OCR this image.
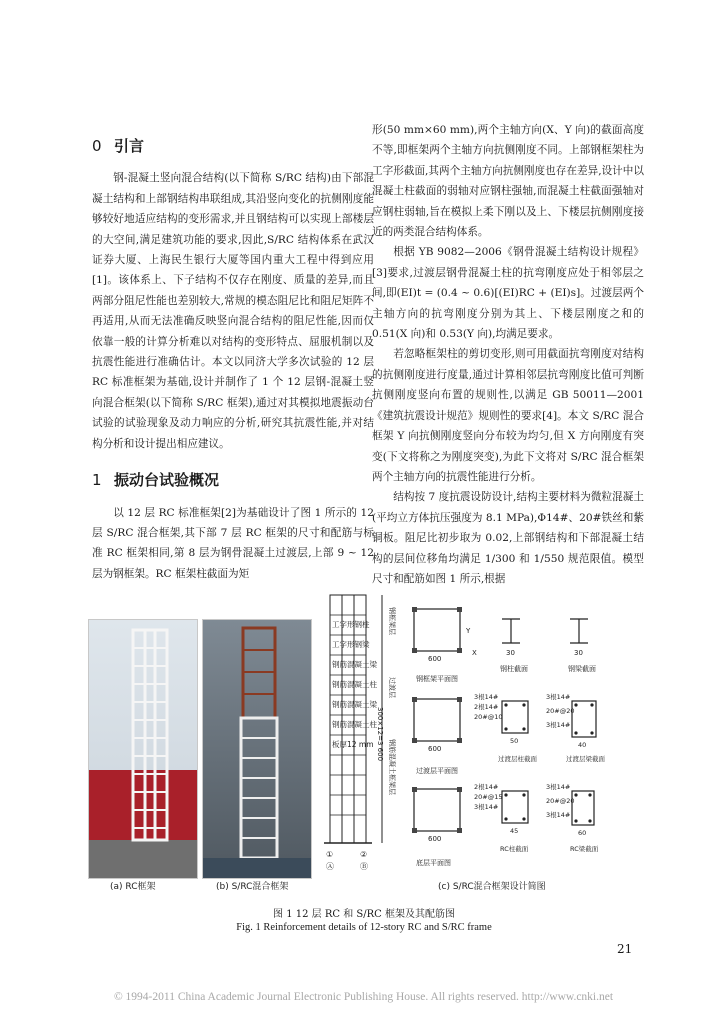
0 引言

钢-混凝土竖向混合结构(以下简称 S/RC 结构)由下部混凝土结构和上部钢结构串联组成,其沿竖向变化的抗侧刚度能够较好地适应结构的变形需求,并且钢结构可以实现上部楼层的大空间,满足建筑功能的要求,因此,S/RC 结构体系在武汉证券大厦、上海民生银行大厦等国内重大工程中得到应用[1]。该体系上、下子结构不仅存在刚度、质量的差异,而且两部分阻尼性能也差别较大,常规的模态阻尼比和阻尼矩阵不再适用,从而无法准确反映竖向混合结构的阻尼性能,因而仅依靠一般的计算分析难以对结构的变形特点、屈服机制以及抗震性能进行准确估计。本文以同济大学多次试验的 12 层 RC 标准框架为基础,设计并制作了 1 个 12 层钢-混凝土竖向混合框架(以下简称 S/RC 框架),通过对其模拟地震振动台试验的试验现象及动力响应的分析,研究其抗震性能,并对结构分析和设计提出相应建议。

1 振动台试验概况

以 12 层 RC 标准框架[2]为基础设计了图 1 所示的 12 层 S/RC 混合框架,其下部 7 层 RC 框架的尺寸和配筋与标准 RC 框架相同,第 8 层为钢骨混凝土过渡层,上部 9 ~ 12 层为钢框架。RC 框架柱截面为矩

形(50 mm×60 mm),两个主轴方向(X、Y 向)的截面高度不等,即框架两个主轴方向抗侧刚度不同。上部钢框架柱为工字形截面,其两个主轴方向抗侧刚度也存在差异,设计中以混凝土柱截面的弱轴对应钢柱强轴,而混凝土柱截面强轴对应钢柱弱轴,旨在模拟上柔下刚以及上、下楼层抗侧刚度接近的两类混合结构体系。

根据 YB 9082—2006《钢骨混凝土结构设计规程》[3]要求,过渡层钢骨混凝土柱的抗弯刚度应处于相邻层之间,即(EI)t = (0.4 ~ 0.6)[(EI)RC + (EI)s]。过渡层两个主轴方向的抗弯刚度分别为其上、下楼层刚度之和的 0.51(X 向)和 0.53(Y 向),均满足要求。

若忽略框架柱的剪切变形,则可用截面抗弯刚度对结构的抗侧刚度进行度量,通过计算相邻层抗弯刚度比值可判断抗侧刚度竖向布置的规则性,以满足 GB 50011—2001《建筑抗震设计规范》规则性的要求[4]。本文 S/RC 混合框架 Y 向抗侧刚度竖向分布较为均匀,但 X 方向刚度有突变(下文将称之为刚度突变),为此下文将对 S/RC 混合框架两个主轴方向的抗震性能进行分析。

结构按 7 度抗震设防设计,结构主要材料为微粒混凝土(平均立方体抗压强度为 8.1 MPa),Φ14#、20#铁丝和紫铜板。阻尼比初步取为 0.02,上部钢结构和下部混凝土结构的层间位移角均满足 1/300 和 1/550 规范限值。模型尺寸和配筋如图 1 所示,根据

(a) RC框架	(b) S/RC混合框架	(c) S/RC混合框架设计简图
工字形钢柱
工字形钢梁
钢筋混凝土梁
钢筋混凝土柱
钢筋混凝土梁
钢筋混凝土柱
板厚12 mm
钢框架层
过渡层
钢筋混凝土框架层
300×12=3 600
①	②
Ⓐ	Ⓑ
600
600
600
Y
X
钢框架平面图
过渡层平面图
底层平面图
30	30
钢柱截面	钢梁截面
3根14#
2根14#
20#@10
3根14#
20#@20
3根14#
50	40
过渡层柱截面	过渡层梁截面
2根14#
20#@15
3根14#
3根14#
20#@20
3根14#
45	60
RC柱截面	RC梁截面
图 1 12 层 RC 和 S/RC 框架及其配筋图
Fig. 1 Reinforcement details of 12-story RC and S/RC frame
21
© 1994-2011 China Academic Journal Electronic Publishing House. All rights reserved. http://www.cnki.net
